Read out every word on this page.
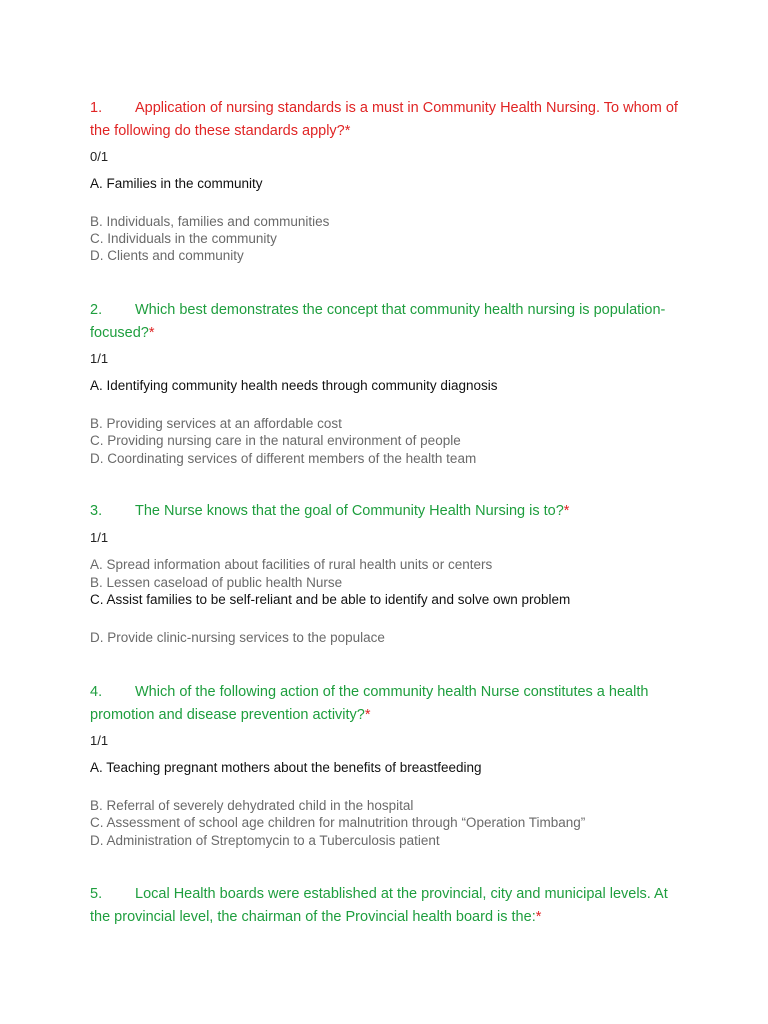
1. Application of nursing standards is a must in Community Health Nursing. To whom of the following do these standards apply?*

0/1
A. Families in the community
B. Individuals, families and communities
C. Individuals in the community
D. Clients and community

2. Which best demonstrates the concept that community health nursing is population-focused?*

1/1
A. Identifying community health needs through community diagnosis
B. Providing services at an affordable cost
C. Providing nursing care in the natural environment of people
D. Coordinating services of different members of the health team

3. The Nurse knows that the goal of Community Health Nursing is to?*

1/1
A. Spread information about facilities of rural health units or centers
B. Lessen caseload of public health Nurse
C. Assist families to be self-reliant and be able to identify and solve own problem
D. Provide clinic-nursing services to the populace

4. Which of the following action of the community health Nurse constitutes a health promotion and disease prevention activity?*

1/1
A. Teaching pregnant mothers about the benefits of breastfeeding
B. Referral of severely dehydrated child in the hospital
C. Assessment of school age children for malnutrition through “Operation Timbang”
D. Administration of Streptomycin to a Tuberculosis patient

5. Local Health boards were established at the provincial, city and municipal levels. At the provincial level, the chairman of the Provincial health board is the:*
